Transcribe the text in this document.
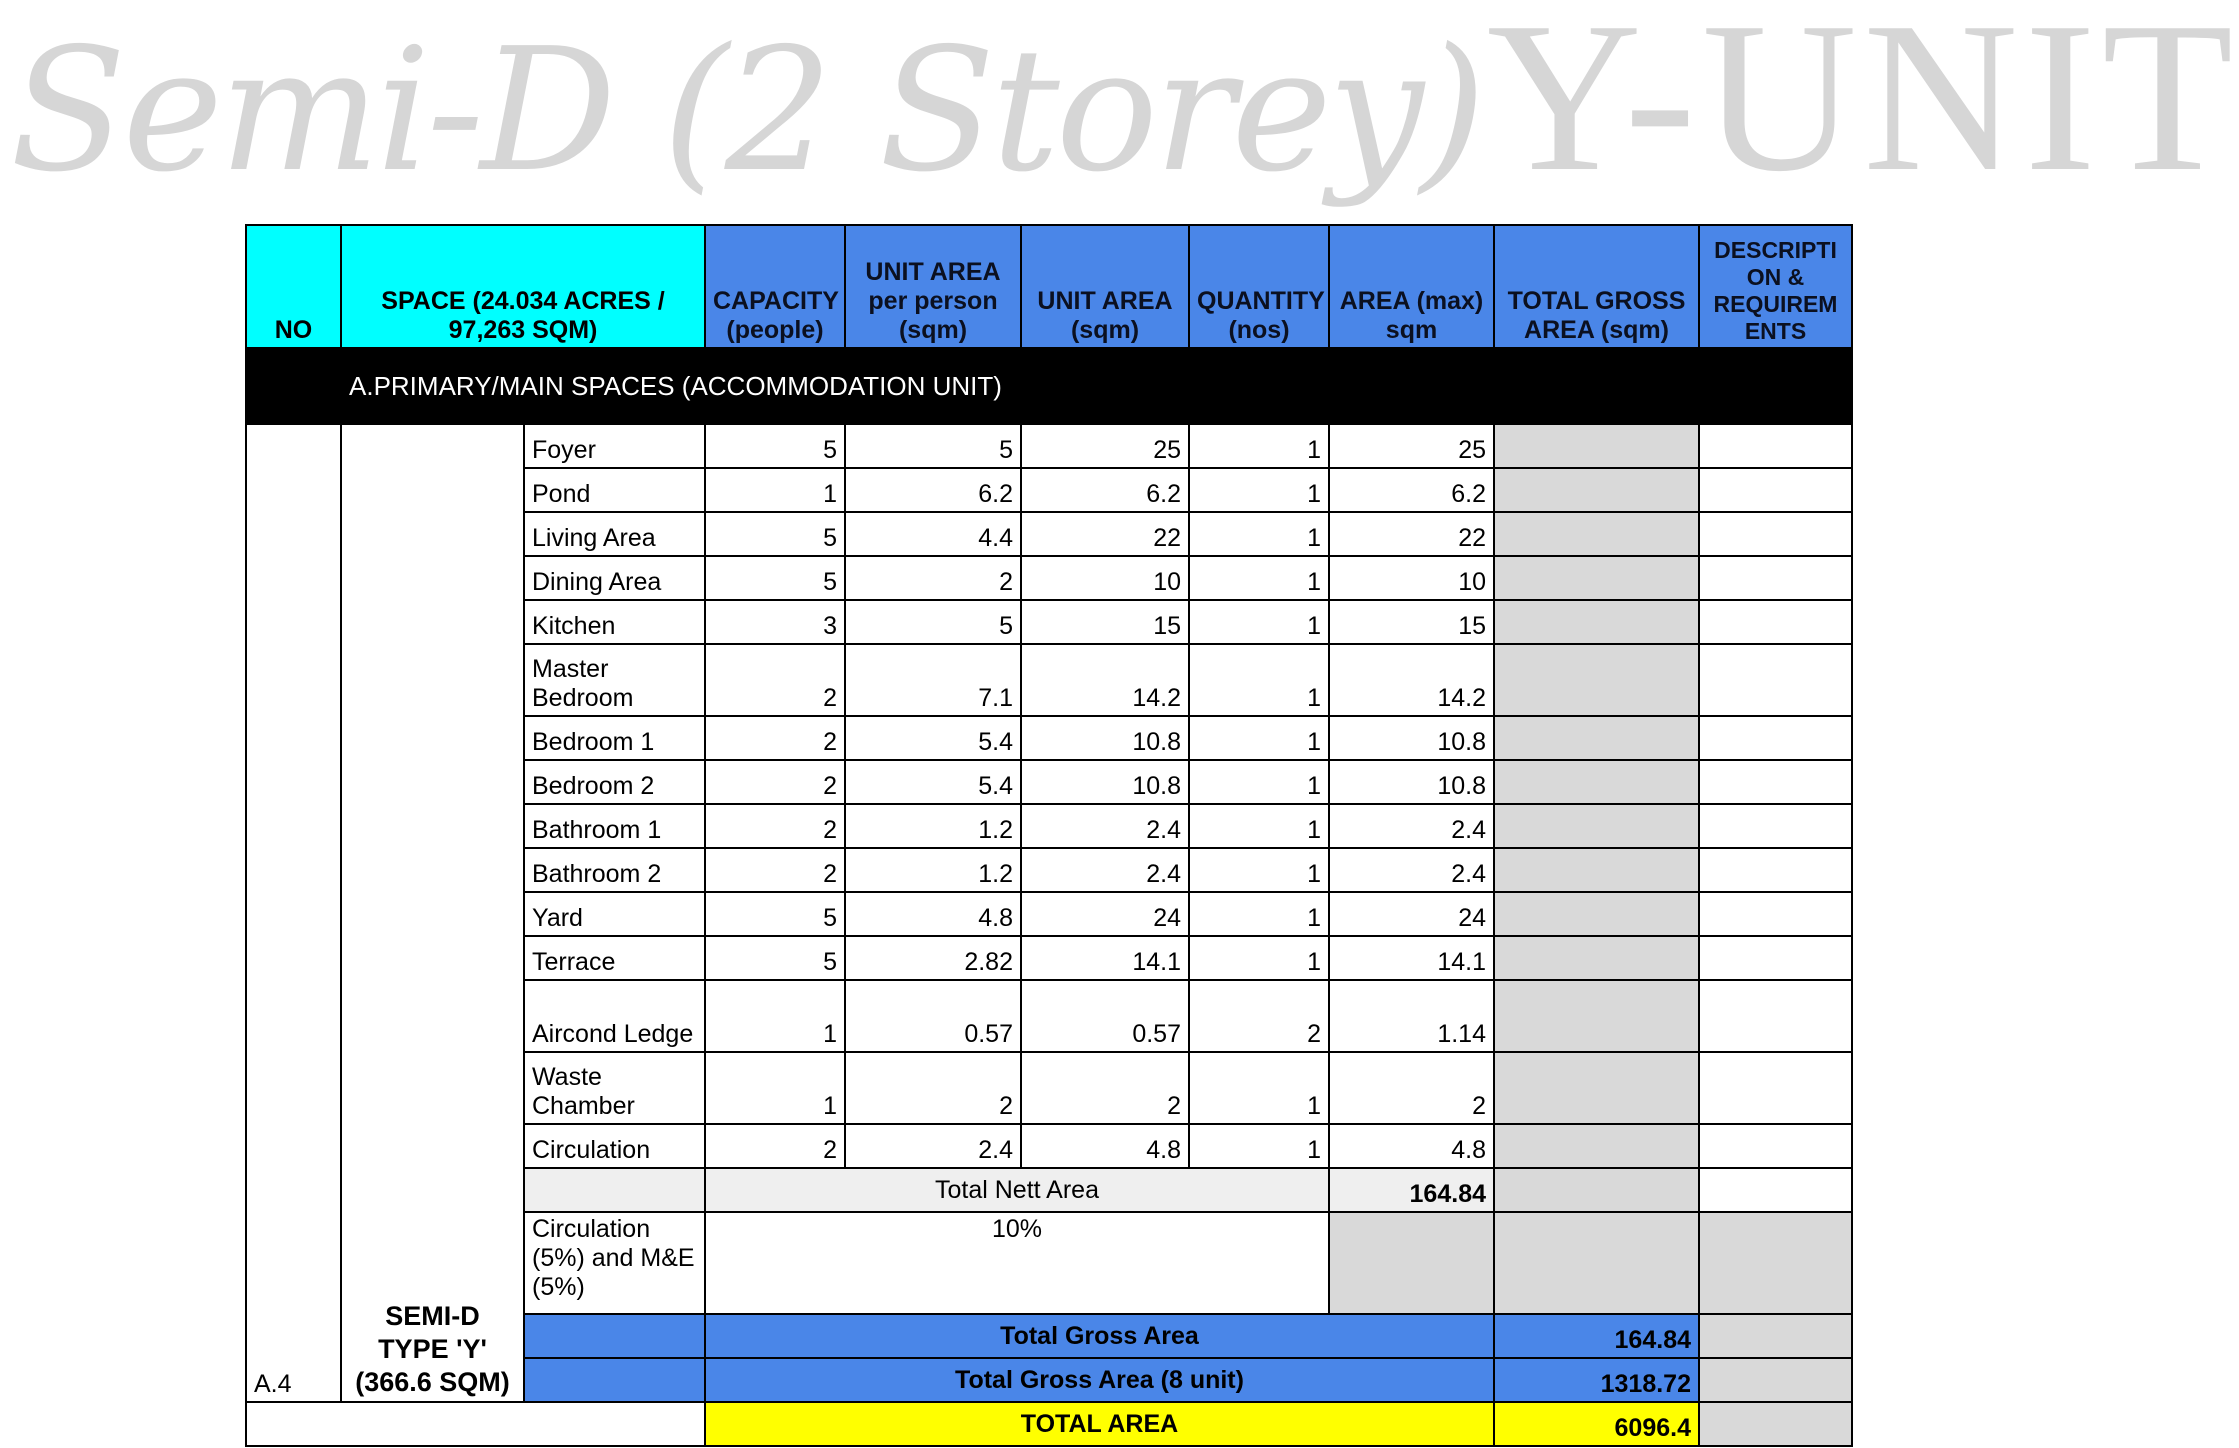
Semi-D (2 Storey) Y-UNIT
NO	SPACE (24.034 ACRES / 97,263 SQM)		CAPACITY (people)	UNIT AREA per person (sqm)	UNIT AREA (sqm)	QUANTITY (nos)	AREA (max) sqm	TOTAL GROSS AREA (sqm)	DESCRIPTI ON & REQUIREM ENTS
	A.PRIMARY/MAIN SPACES (ACCOMMODATION UNIT)								
A.4	SEMI-D TYPE 'Y' (366.6 SQM)	Foyer	5	5	25	1	25		
		Pond	1	6.2	6.2	1	6.2		
		Living Area	5	4.4	22	1	22		
		Dining Area	5	2	10	1	10		
		Kitchen	3	5	15	1	15		
		Master Bedroom	2	7.1	14.2	1	14.2		
		Bedroom 1	2	5.4	10.8	1	10.8		
		Bedroom 2	2	5.4	10.8	1	10.8		
		Bathroom 1	2	1.2	2.4	1	2.4		
		Bathroom 2	2	1.2	2.4	1	2.4		
		Yard	5	4.8	24	1	24		
		Terrace	5	2.82	14.1	1	14.1		
		Aircond Ledge	1	0.57	0.57	2	1.14		
		Waste Chamber	1	2	2	1	2		
		Circulation	2	2.4	4.8	1	4.8		
			Total Nett Area				164.84		
		Circulation (5%) and M&E (5%)	10%						
			Total Gross Area					164.84	
			Total Gross Area (8 unit)					1318.72	
			TOTAL AREA					6096.4	
